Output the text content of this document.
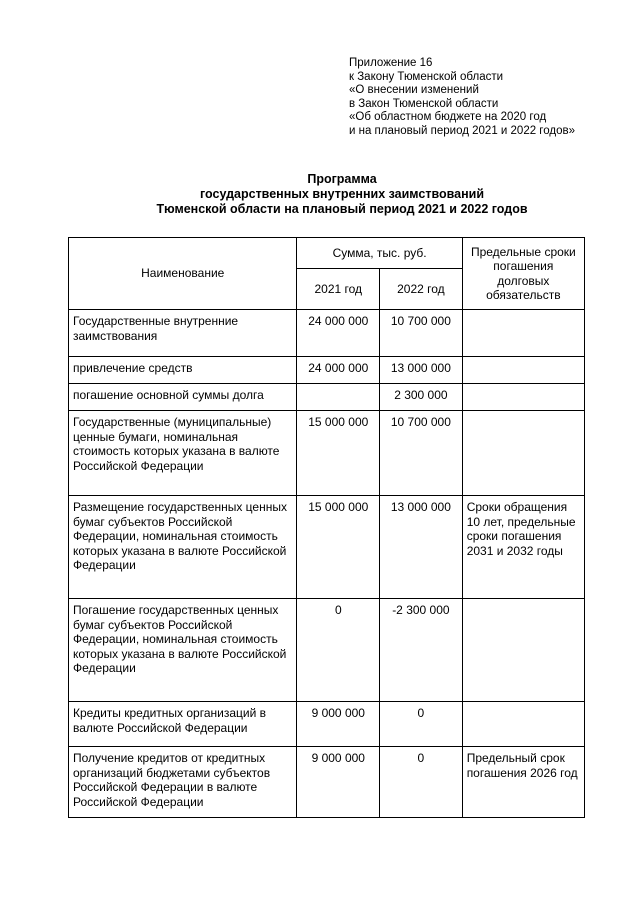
Приложение 16
к Закону Тюменской области
«О внесении изменений
в Закон Тюменской области
«Об областном бюджете на 2020 год
и на плановый период 2021 и 2022 годов»
Программа
государственных внутренних заимствований
Тюменской области на плановый период 2021 и 2022 годов
Наименование	Сумма, тыс. руб.		Предельные сроки погашения долговых обязательств
	2021 год	2022 год	
Государственные внутренние заимствования	24 000 000	10 700 000	
привлечение средств	24 000 000	13 000 000	
погашение основной суммы долга		2 300 000	
Государственные (муниципальные) ценные бумаги, номинальная стоимость которых указана в валюте Российской Федерации	15 000 000	10 700 000	
Размещение государственных ценных бумаг субъектов Российской Федерации, номинальная стоимость которых указана в валюте Российской Федерации	15 000 000	13 000 000	Сроки обращения 10 лет, предельные сроки погашения 2031 и 2032 годы
Погашение государственных ценных бумаг субъектов Российской Федерации, номинальная стоимость которых указана в валюте Российской Федерации	0	-2 300 000	
Кредиты кредитных организаций в валюте Российской Федерации	9 000 000	0	
Получение кредитов от кредитных организаций бюджетами субъектов Российской Федерации в валюте Российской Федерации	9 000 000	0	Предельный срок погашения 2026 год
